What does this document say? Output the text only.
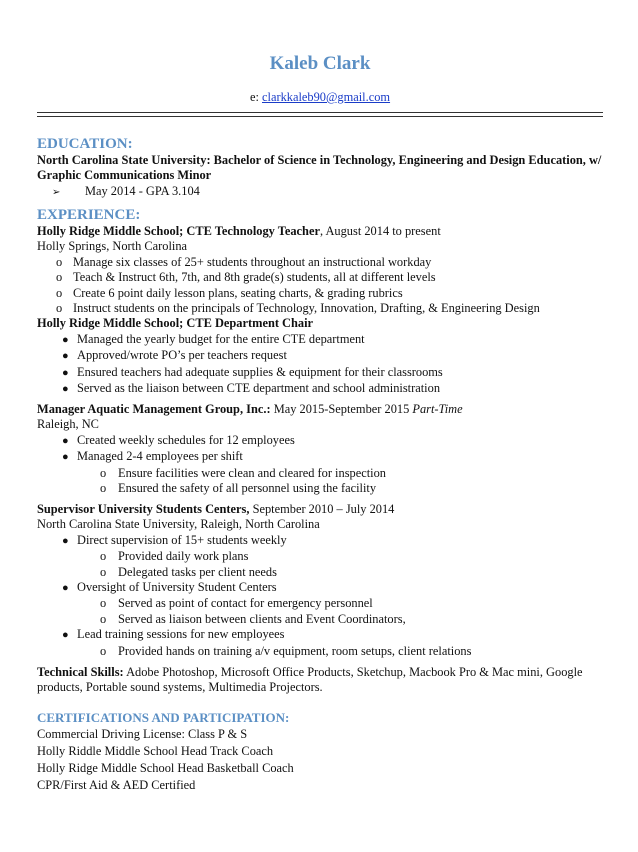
Kaleb Clark
e: clarkkaleb90@gmail.com
EDUCATION:
North Carolina State University: Bachelor of Science in Technology, Engineering and Design Education, w/ Graphic Communications Minor
➢	May 2014 - GPA 3.104
EXPERIENCE:
Holly Ridge Middle School; CTE Technology Teacher, August 2014 to present
Holly Springs, North Carolina
o Manage six classes of 25+ students throughout an instructional workday
o Teach & Instruct 6th, 7th, and 8th grade(s) students, all at different levels
o Create 6 point daily lesson plans, seating charts, & grading rubrics
o Instruct students on the principals of Technology, Innovation, Drafting, & Engineering Design
Holly Ridge Middle School; CTE Department Chair
● Managed the yearly budget for the entire CTE department
● Approved/wrote PO’s per teachers request
● Ensured teachers had adequate supplies & equipment for their classrooms
● Served as the liaison between CTE department and school administration
Manager Aquatic Management Group, Inc.: May 2015-September 2015 Part-Time
Raleigh, NC
● Created weekly schedules for 12 employees
● Managed 2-4 employees per shift
o Ensure facilities were clean and cleared for inspection
o Ensured the safety of all personnel using the facility
Supervisor University Students Centers, September 2010 – July 2014
North Carolina State University, Raleigh, North Carolina
● Direct supervision of 15+ students weekly
o Provided daily work plans
o Delegated tasks per client needs
● Oversight of University Student Centers
o Served as point of contact for emergency personnel
o Served as liaison between clients and Event Coordinators,
● Lead training sessions for new employees
o Provided hands on training a/v equipment, room setups, client relations
Technical Skills: Adobe Photoshop, Microsoft Office Products, Sketchup, Macbook Pro & Mac mini, Google products, Portable sound systems, Multimedia Projectors.
CERTIFICATIONS AND PARTICIPATION:
Commercial Driving License: Class P & S
Holly Riddle Middle School Head Track Coach
Holly Ridge Middle School Head Basketball Coach
CPR/First Aid & AED Certified
